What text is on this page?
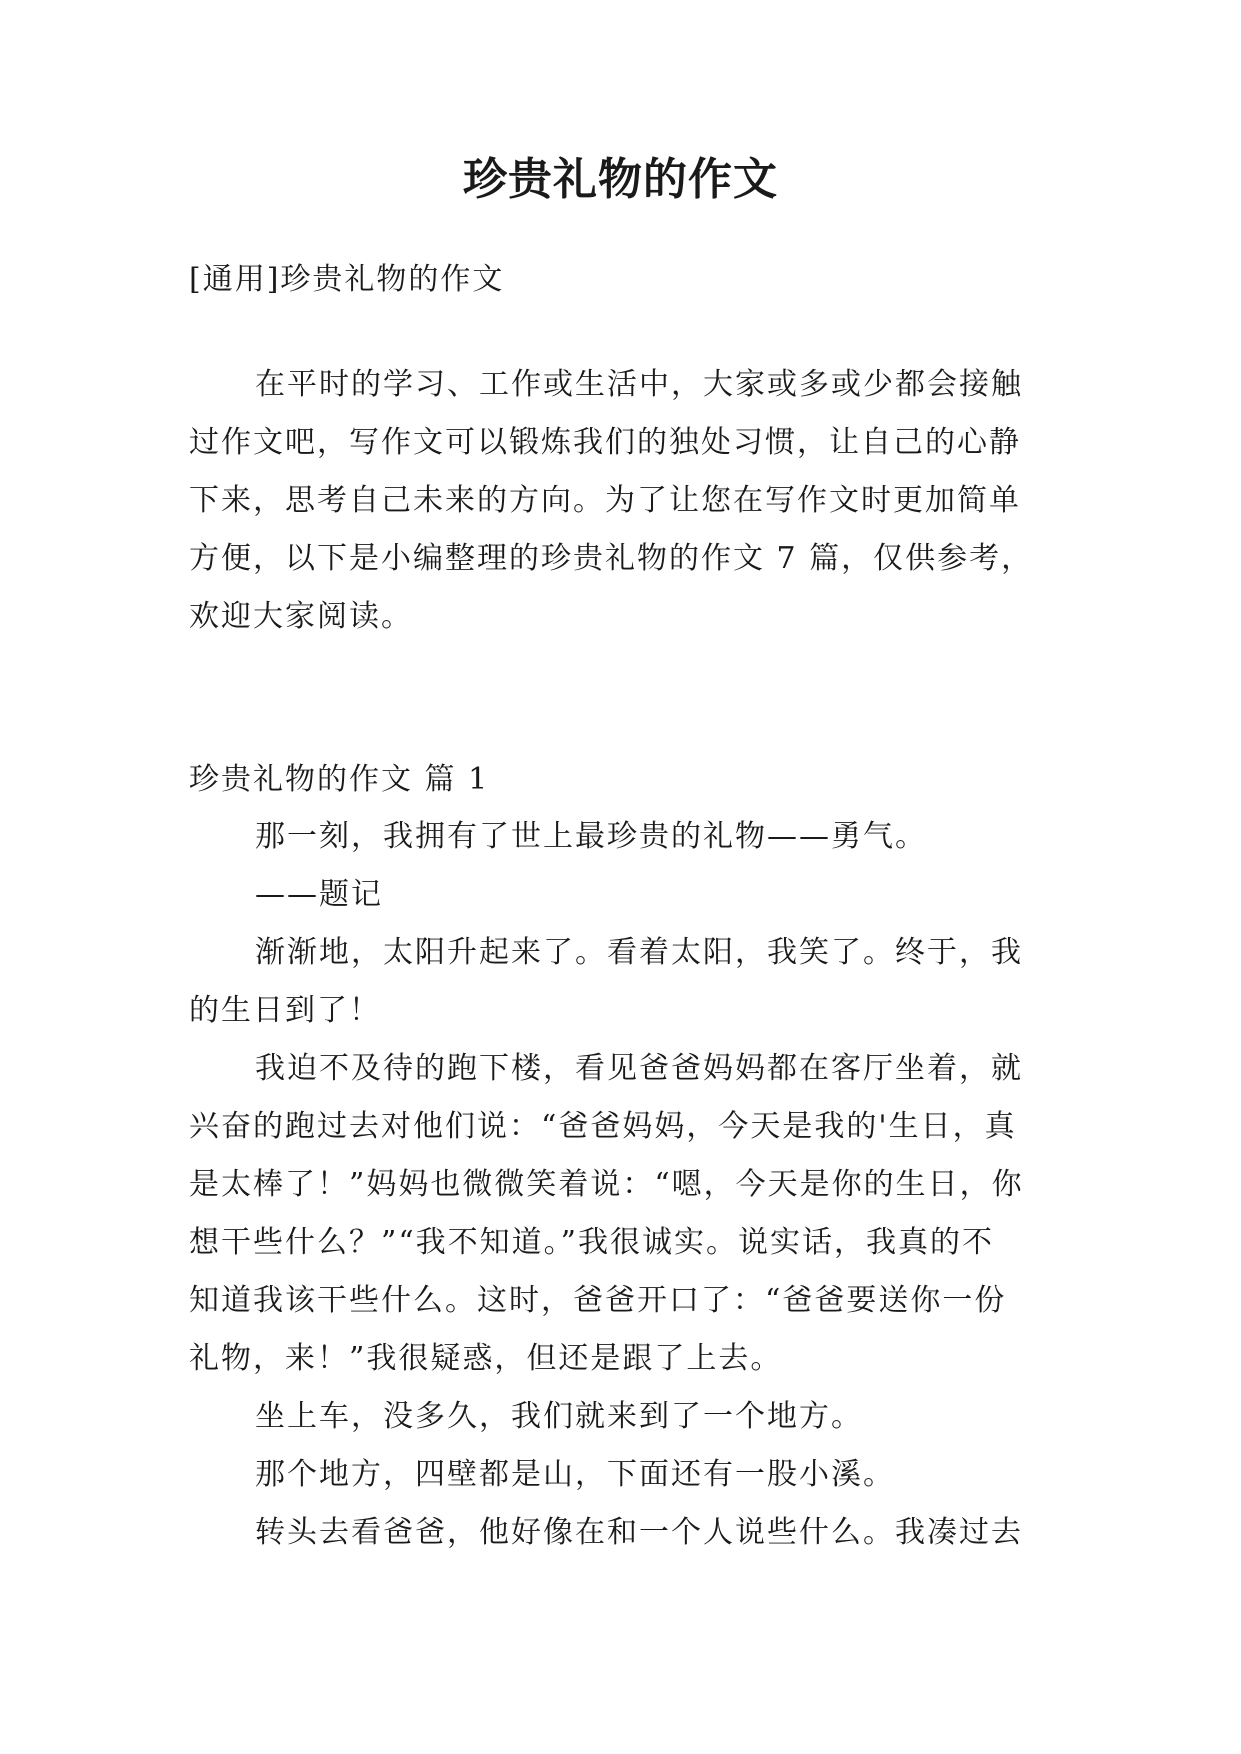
珍贵礼物的作文

[通用]珍贵礼物的作文

在平时的学习、工作或生活中，大家或多或少都会接触
过作文吧，写作文可以锻炼我们的独处习惯，让自己的心静
下来，思考自己未来的方向。为了让您在写作文时更加简单
方便，以下是小编整理的珍贵礼物的作文 7 篇，仅供参考，
欢迎大家阅读。

珍贵礼物的作文 篇 1

那一刻，我拥有了世上最珍贵的礼物——勇气。
——题记
渐渐地，太阳升起来了。看着太阳，我笑了。终于，我
的生日到了！
我迫不及待的跑下楼，看见爸爸妈妈都在客厅坐着，就
兴奋的跑过去对他们说：“爸爸妈妈，今天是我的'生日，真
是太棒了！”妈妈也微微笑着说：“嗯，今天是你的生日，你
想干些什么？”“我不知道。”我很诚实。说实话，我真的不
知道我该干些什么。这时，爸爸开口了：“爸爸要送你一份
礼物，来！”我很疑惑，但还是跟了上去。
坐上车，没多久，我们就来到了一个地方。
那个地方，四壁都是山，下面还有一股小溪。
转头去看爸爸，他好像在和一个人说些什么。我凑过去
